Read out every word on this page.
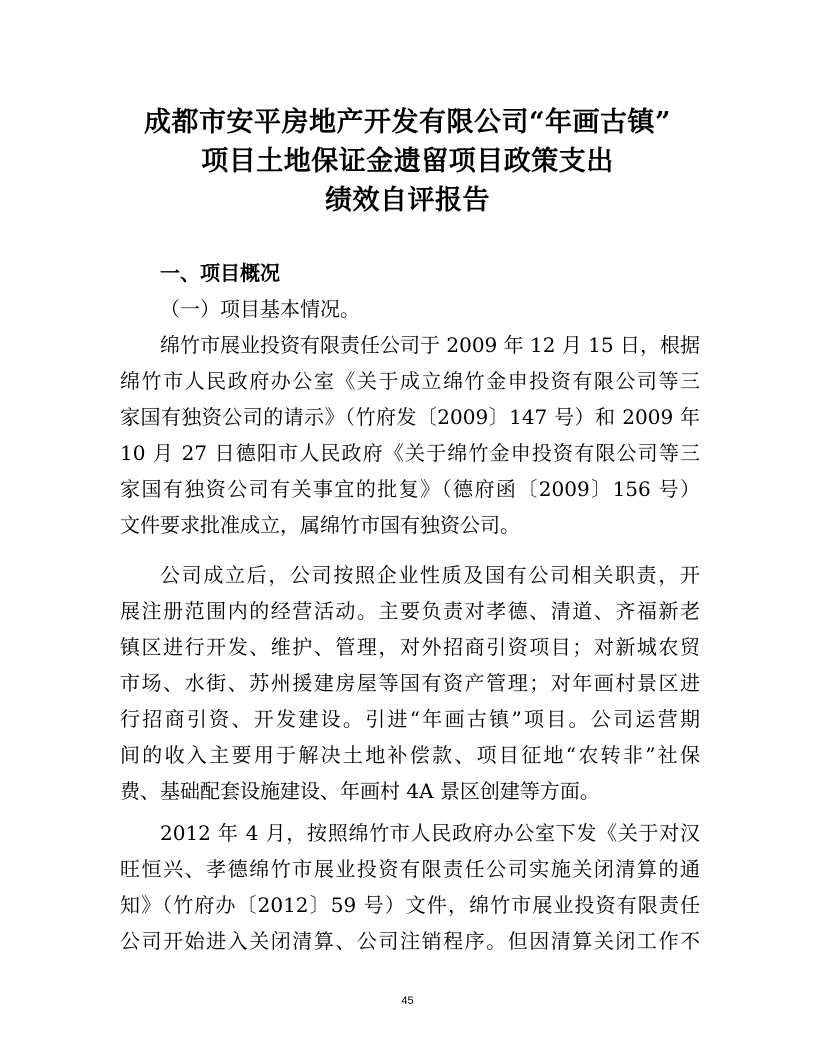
成都市安平房地产开发有限公司“年画古镇”
项目土地保证金遗留项目政策支出
绩效自评报告
一、项目概况
（一）项目基本情况。
绵竹市展业投资有限责任公司于 2009 年 12 月 15 日，根据
绵竹市人民政府办公室《关于成立绵竹金申投资有限公司等三
家国有独资公司的请示》（竹府发〔2009〕147 号）和 2009 年
10 月 27 日德阳市人民政府《关于绵竹金申投资有限公司等三
家国有独资公司有关事宜的批复》（德府函〔2009〕156 号）
文件要求批准成立，属绵竹市国有独资公司。
公司成立后，公司按照企业性质及国有公司相关职责，开
展注册范围内的经营活动。主要负责对孝德、清道、齐福新老
镇区进行开发、维护、管理，对外招商引资项目；对新城农贸
市场、水街、苏州援建房屋等国有资产管理；对年画村景区进
行招商引资、开发建设。引进“年画古镇”项目。公司运营期
间的收入主要用于解决土地补偿款、项目征地“农转非”社保
费、基础配套设施建设、年画村 4A 景区创建等方面。
2012 年 4 月，按照绵竹市人民政府办公室下发《关于对汉
旺恒兴、孝德绵竹市展业投资有限责任公司实施关闭清算的通
知》（竹府办〔2012〕59 号）文件，绵竹市展业投资有限责任
公司开始进入关闭清算、公司注销程序。但因清算关闭工作不
45
